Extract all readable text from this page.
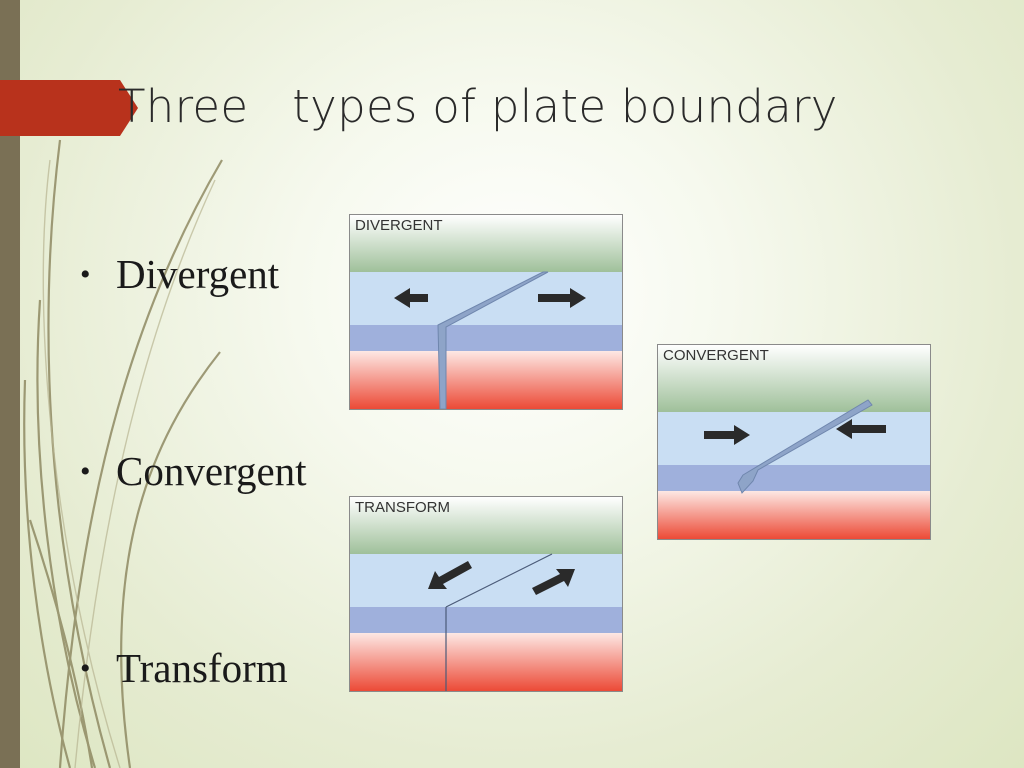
Three   types of plate boundary
• Divergent
• Convergent
• Transform
DIVERGENT
CONVERGENT
TRANSFORM
